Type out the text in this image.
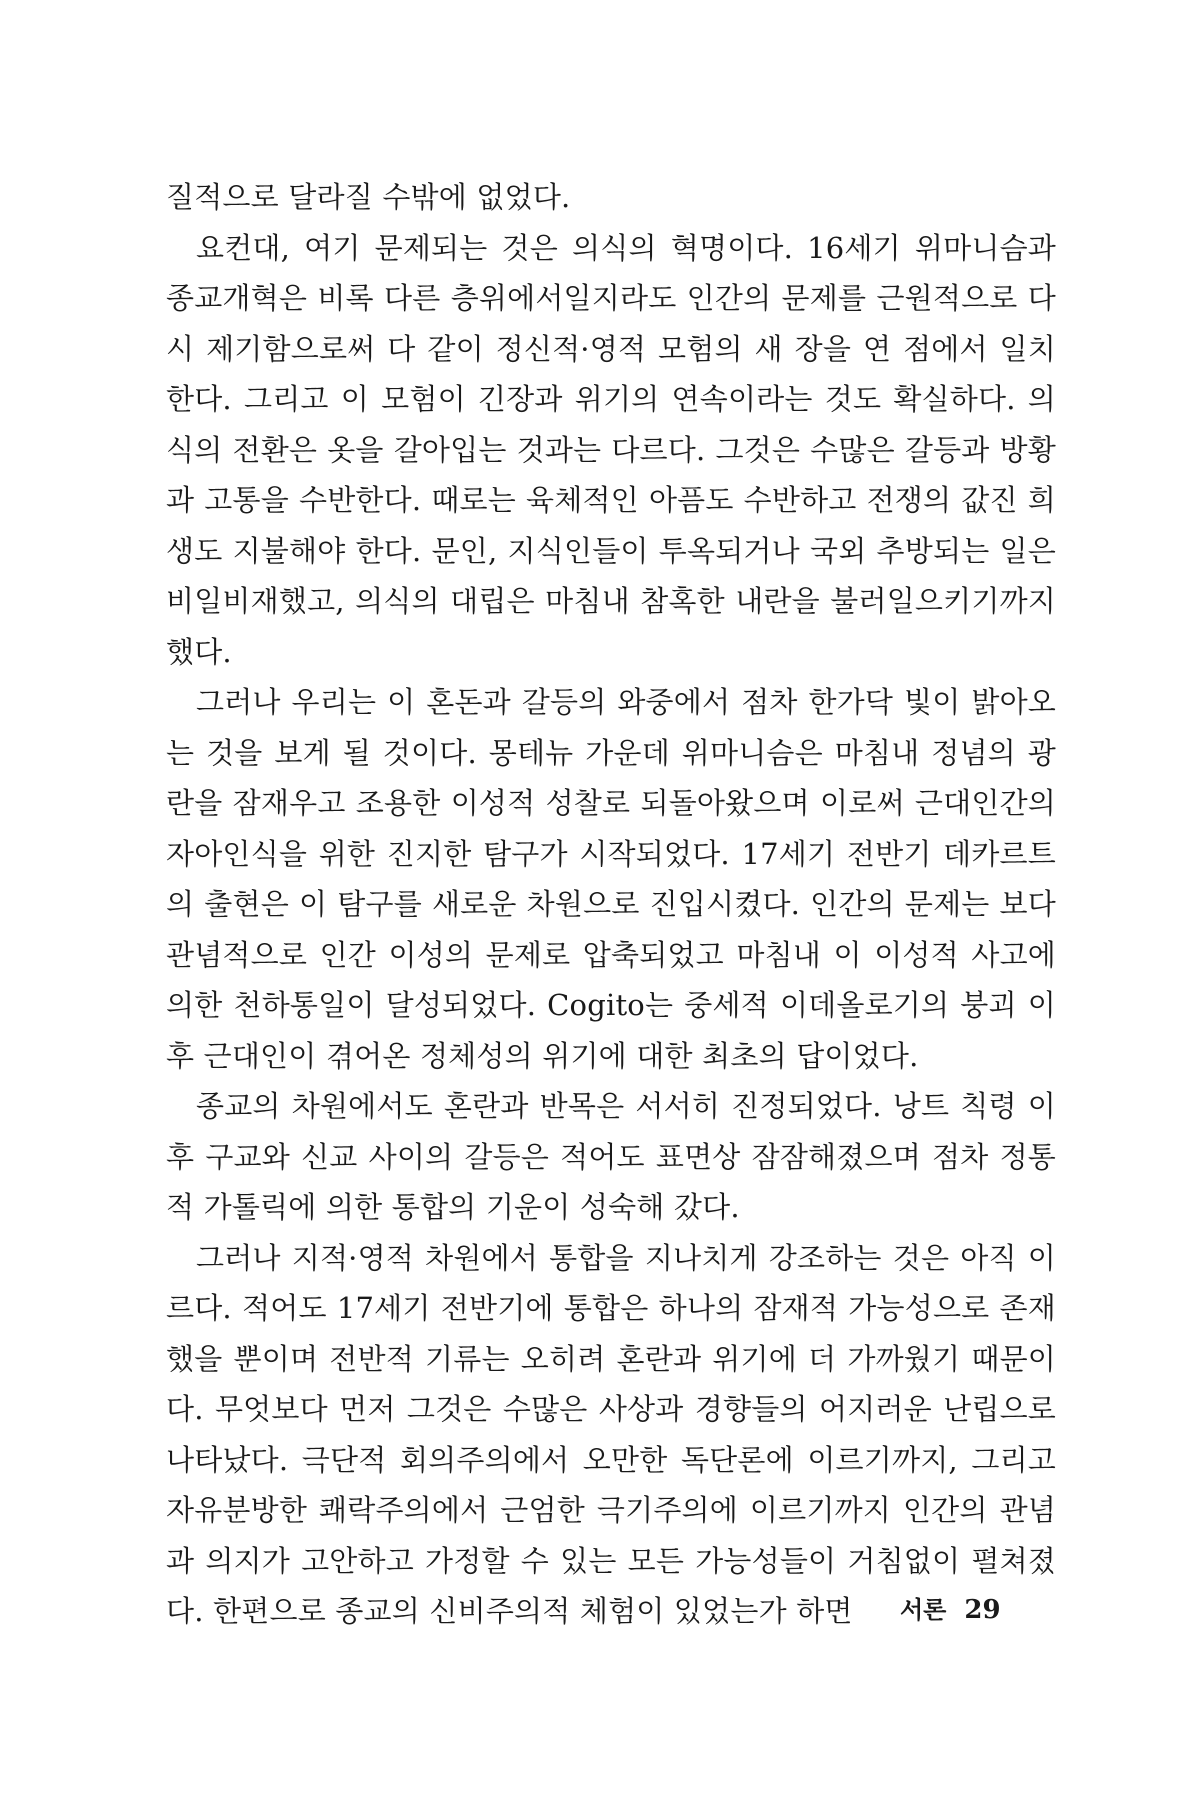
질적으로 달라질 수밖에 없었다.

요컨대, 여기 문제되는 것은 의식의 혁명이다. 16세기 위마니슴과 종교개혁은 비록 다른 층위에서일지라도 인간의 문제를 근원적으로 다시 제기함으로써 다 같이 정신적·영적 모험의 새 장을 연 점에서 일치한다. 그리고 이 모험이 긴장과 위기의 연속이라는 것도 확실하다. 의식의 전환은 옷을 갈아입는 것과는 다르다. 그것은 수많은 갈등과 방황과 고통을 수반한다. 때로는 육체적인 아픔도 수반하고 전쟁의 값진 희생도 지불해야 한다. 문인, 지식인들이 투옥되거나 국외 추방되는 일은 비일비재했고, 의식의 대립은 마침내 참혹한 내란을 불러일으키기까지 했다.

그러나 우리는 이 혼돈과 갈등의 와중에서 점차 한가닥 빛이 밝아오는 것을 보게 될 것이다. 몽테뉴 가운데 위마니슴은 마침내 정념의 광란을 잠재우고 조용한 이성적 성찰로 되돌아왔으며 이로써 근대인간의 자아인식을 위한 진지한 탐구가 시작되었다. 17세기 전반기 데카르트의 출현은 이 탐구를 새로운 차원으로 진입시켰다. 인간의 문제는 보다 관념적으로 인간 이성의 문제로 압축되었고 마침내 이 이성적 사고에 의한 천하통일이 달성되었다. Cogito는 중세적 이데올로기의 붕괴 이후 근대인이 겪어온 정체성의 위기에 대한 최초의 답이었다.

종교의 차원에서도 혼란과 반목은 서서히 진정되었다. 낭트 칙령 이후 구교와 신교 사이의 갈등은 적어도 표면상 잠잠해졌으며 점차 정통적 가톨릭에 의한 통합의 기운이 성숙해 갔다.

그러나 지적·영적 차원에서 통합을 지나치게 강조하는 것은 아직 이르다. 적어도 17세기 전반기에 통합은 하나의 잠재적 가능성으로 존재했을 뿐이며 전반적 기류는 오히려 혼란과 위기에 더 가까웠기 때문이다. 무엇보다 먼저 그것은 수많은 사상과 경향들의 어지러운 난립으로 나타났다. 극단적 회의주의에서 오만한 독단론에 이르기까지, 그리고 자유분방한 쾌락주의에서 근엄한 극기주의에 이르기까지 인간의 관념과 의지가 고안하고 가정할 수 있는 모든 가능성들이 거침없이 펼쳐졌다. 한편으로 종교의 신비주의적 체험이 있었는가 하면	서론 29
